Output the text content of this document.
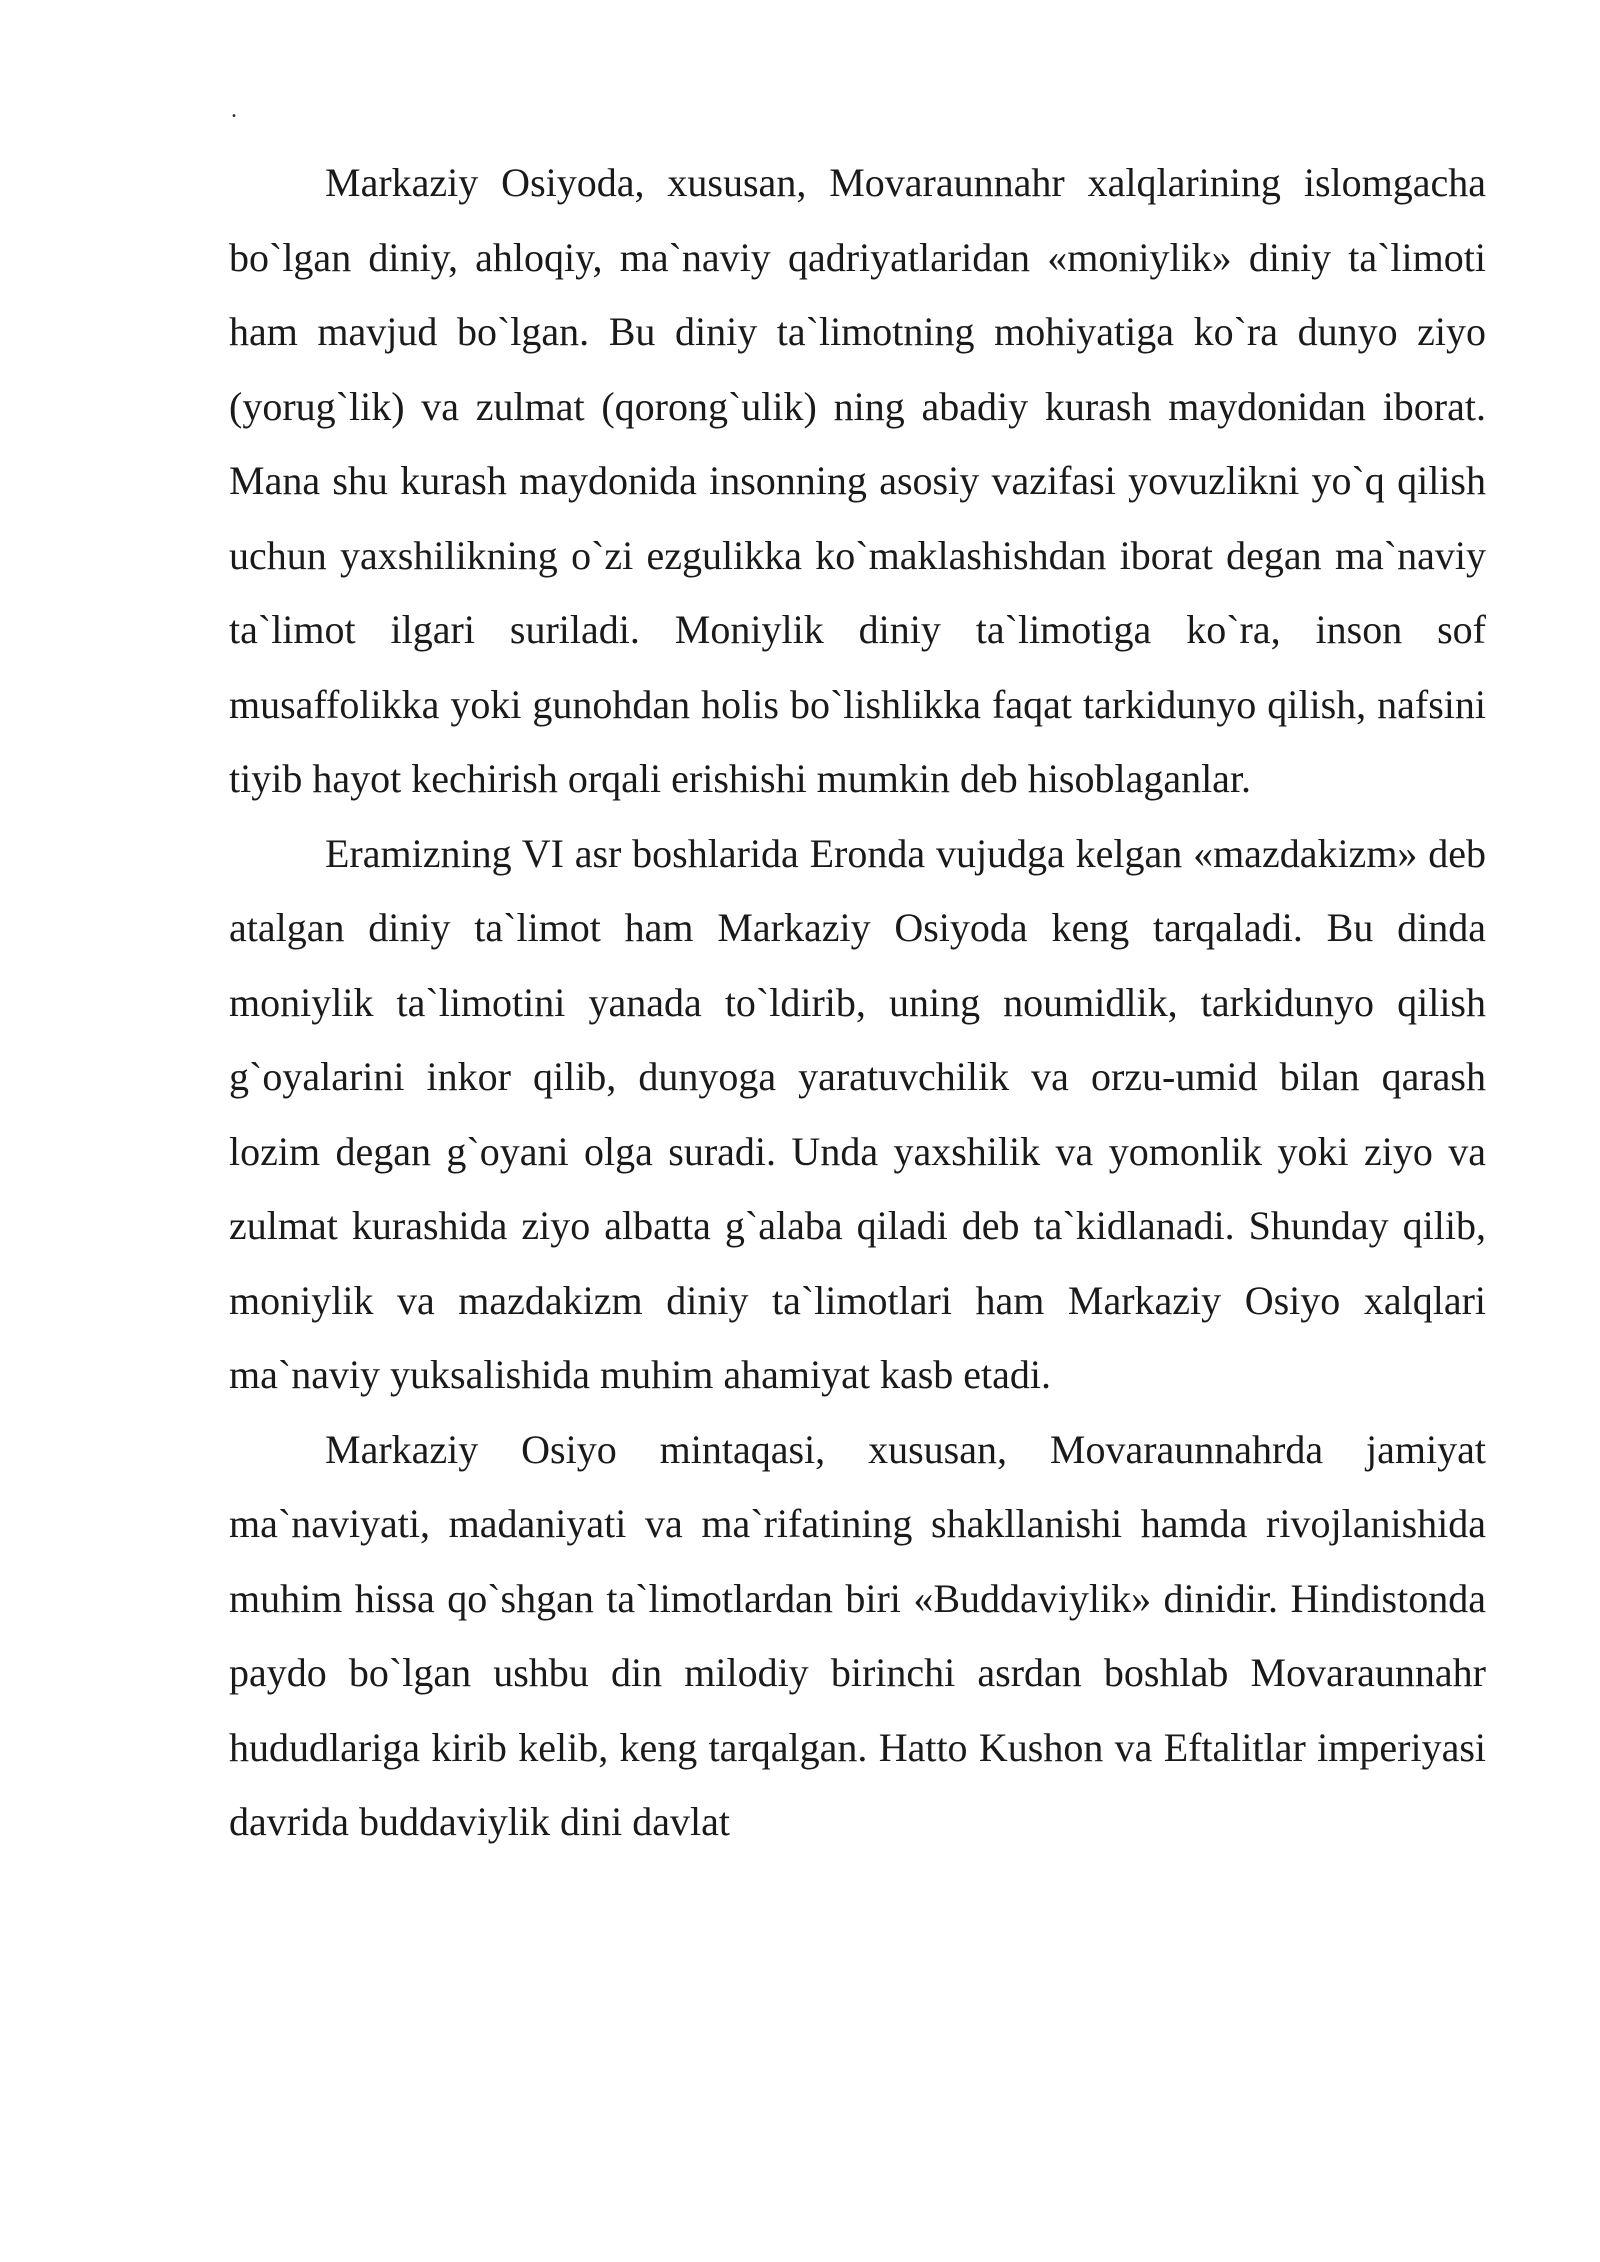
.

Markaziy Osiyoda, xususan, Movaraunnahr xalqlarining islomgacha bo`lgan diniy, ahloqiy, ma`naviy qadriyatlaridan «moniylik» diniy ta`limoti ham mavjud bo`lgan. Bu diniy ta`limotning mohiyatiga ko`ra dunyo ziyo (yorug`lik) va zulmat (qorong`ulik) ning abadiy kurash maydonidan iborat. Mana shu kurash maydonida insonning asosiy vazifasi yovuzlikni yo`q qilish uchun yaxshilikning o`zi ezgulikka ko`maklashishdan iborat degan ma`naviy ta`limot ilgari suriladi. Moniylik diniy ta`limotiga ko`ra, inson sof musaffolikka yoki gunohdan holis bo`lishlikka faqat tarkidunyo qilish, nafsini tiyib hayot kechirish orqali erishishi mumkin deb hisoblaganlar.

Eramizning VI asr boshlarida Eronda vujudga kelgan «mazdakizm» deb atalgan diniy ta`limot ham Markaziy Osiyoda keng tarqaladi. Bu dinda moniylik ta`limotini yanada to`ldirib, uning noumidlik, tarkidunyo qilish g`oyalarini inkor qilib, dunyoga yaratuvchilik va orzu-umid bilan qarash lozim degan g`oyani olga suradi. Unda yaxshilik va yomonlik yoki ziyo va zulmat kurashida ziyo albatta g`alaba qiladi deb ta`kidlanadi. Shunday qilib, moniylik va mazdakizm diniy ta`limotlari ham Markaziy Osiyo xalqlari ma`naviy yuksalishida muhim ahamiyat kasb etadi.

Markaziy Osiyo mintaqasi, xususan, Movaraunnahrda jamiyat ma`naviyati, madaniyati va ma`rifatining shakllanishi hamda rivojlanishida muhim hissa qo`shgan ta`limotlardan biri «Buddaviylik» dinidir. Hindistonda paydo bo`lgan ushbu din milodiy birinchi asrdan boshlab Movaraunnahr hududlariga kirib kelib, keng tarqalgan. Hatto Kushon va Eftalitlar imperiyasi davrida buddaviylik dini davlat
